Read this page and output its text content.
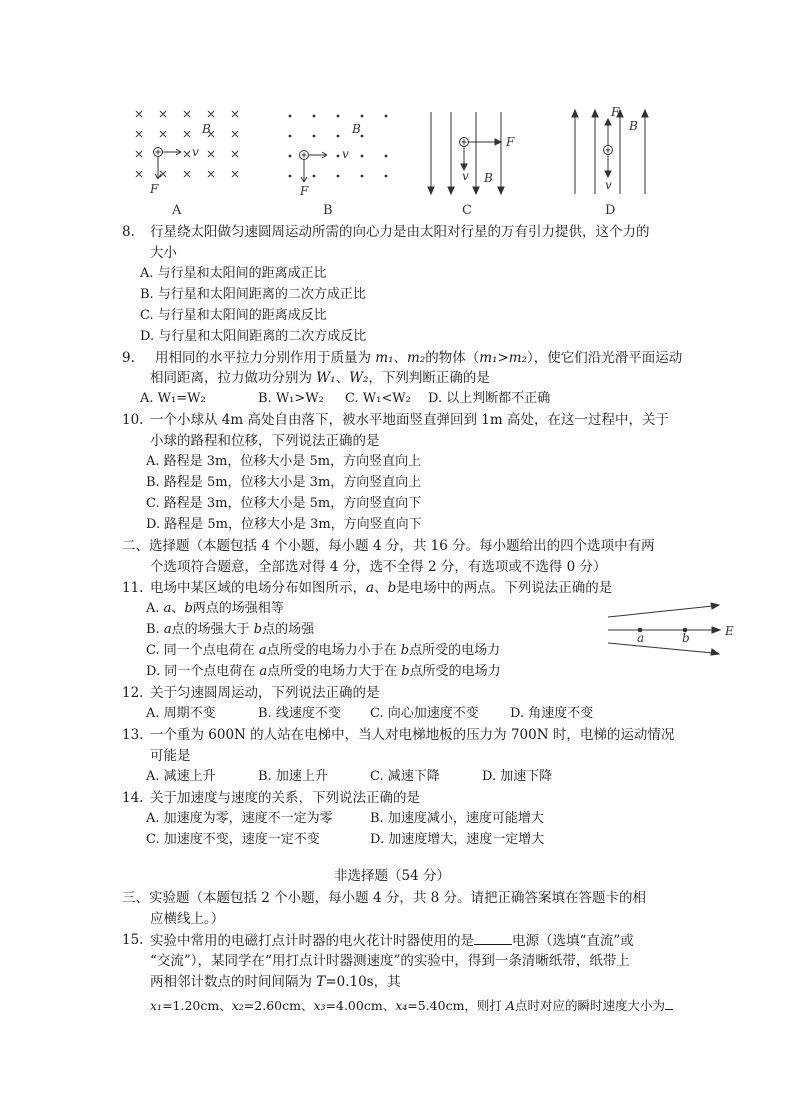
B
v
F
A
B
v
F
B
F
v B
C
F
B
v
D
8. 行星绕太阳做匀速圆周运动所需的向心力是由太阳对行星的万有引力提供，这个力的
大小
A. 与行星和太阳间的距离成正比
B. 与行星和太阳间距离的二次方成正比
C. 与行星和太阳间的距离成反比
D. 与行星和太阳间距离的二次方成反比
9. 用相同的水平拉力分别作用于质量为 m₁、m₂的物体（m₁>m₂），使它们沿光滑平面运动
相同距离，拉力做功分别为 W₁、W₂，下列判断正确的是
A. W₁=W₂	B. W₁>W₂ C. W₁<W₂ D. 以上判断都不正确
10. 一个小球从 4m 高处自由落下，被水平地面竖直弹回到 1m 高处，在这一过程中，关于
小球的路程和位移，下列说法正确的是
A. 路程是 3m，位移大小是 5m，方向竖直向上
B. 路程是 5m，位移大小是 3m，方向竖直向上
C. 路程是 3m，位移大小是 5m，方向竖直向下
D. 路程是 5m，位移大小是 3m，方向竖直向下
二、选择题（本题包括 4 个小题，每小题 4 分，共 16 分。每小题给出的四个选项中有两
个选项符合题意，全部选对得 4 分，选不全得 2 分，有选项或不选得 0 分）
11. 电场中某区域的电场分布如图所示，a、b是电场中的两点。下列说法正确的是
A. a、b两点的场强相等
B. a点的场强大于 b点的场强
C. 同一个点电荷在 a点所受的电场力小于在 b点所受的电场力
D. 同一个点电荷在 a点所受的电场力大于在 b点所受的电场力
a	b	E
12. 关于匀速圆周运动，下列说法正确的是
A. 周期不变	B. 线速度不变 C. 向心加速度不变 D. 角速度不变
13. 一个重为 600N 的人站在电梯中，当人对电梯地板的压力为 700N 时，电梯的运动情况
可能是
A. 减速上升	B. 加速上升	C. 减速下降	D. 加速下降
14. 关于加速度与速度的关系，下列说法正确的是
A. 加速度为零，速度不一定为零	B. 加速度减小，速度可能增大
C. 加速度不变，速度一定不变	D. 加速度增大，速度一定增大
非选择题（54 分）
三、实验题（本题包括 2 个小题，每小题 4 分，共 8 分。请把正确答案填在答题卡的相
应横线上。）
15. 实验中常用的电磁打点计时器的电火花计时器使用的是	电源（选填“直流”或
“交流”），某同学在“用打点计时器测速度”的实验中，得到一条清晰纸带，纸带上
两相邻计数点的时间间隔为 T=0.10s，其
x₁=1.20cm、x₂=2.60cm、x₃=4.00cm、x₄=5.40cm，则打 A点时对应的瞬时速度大小为
